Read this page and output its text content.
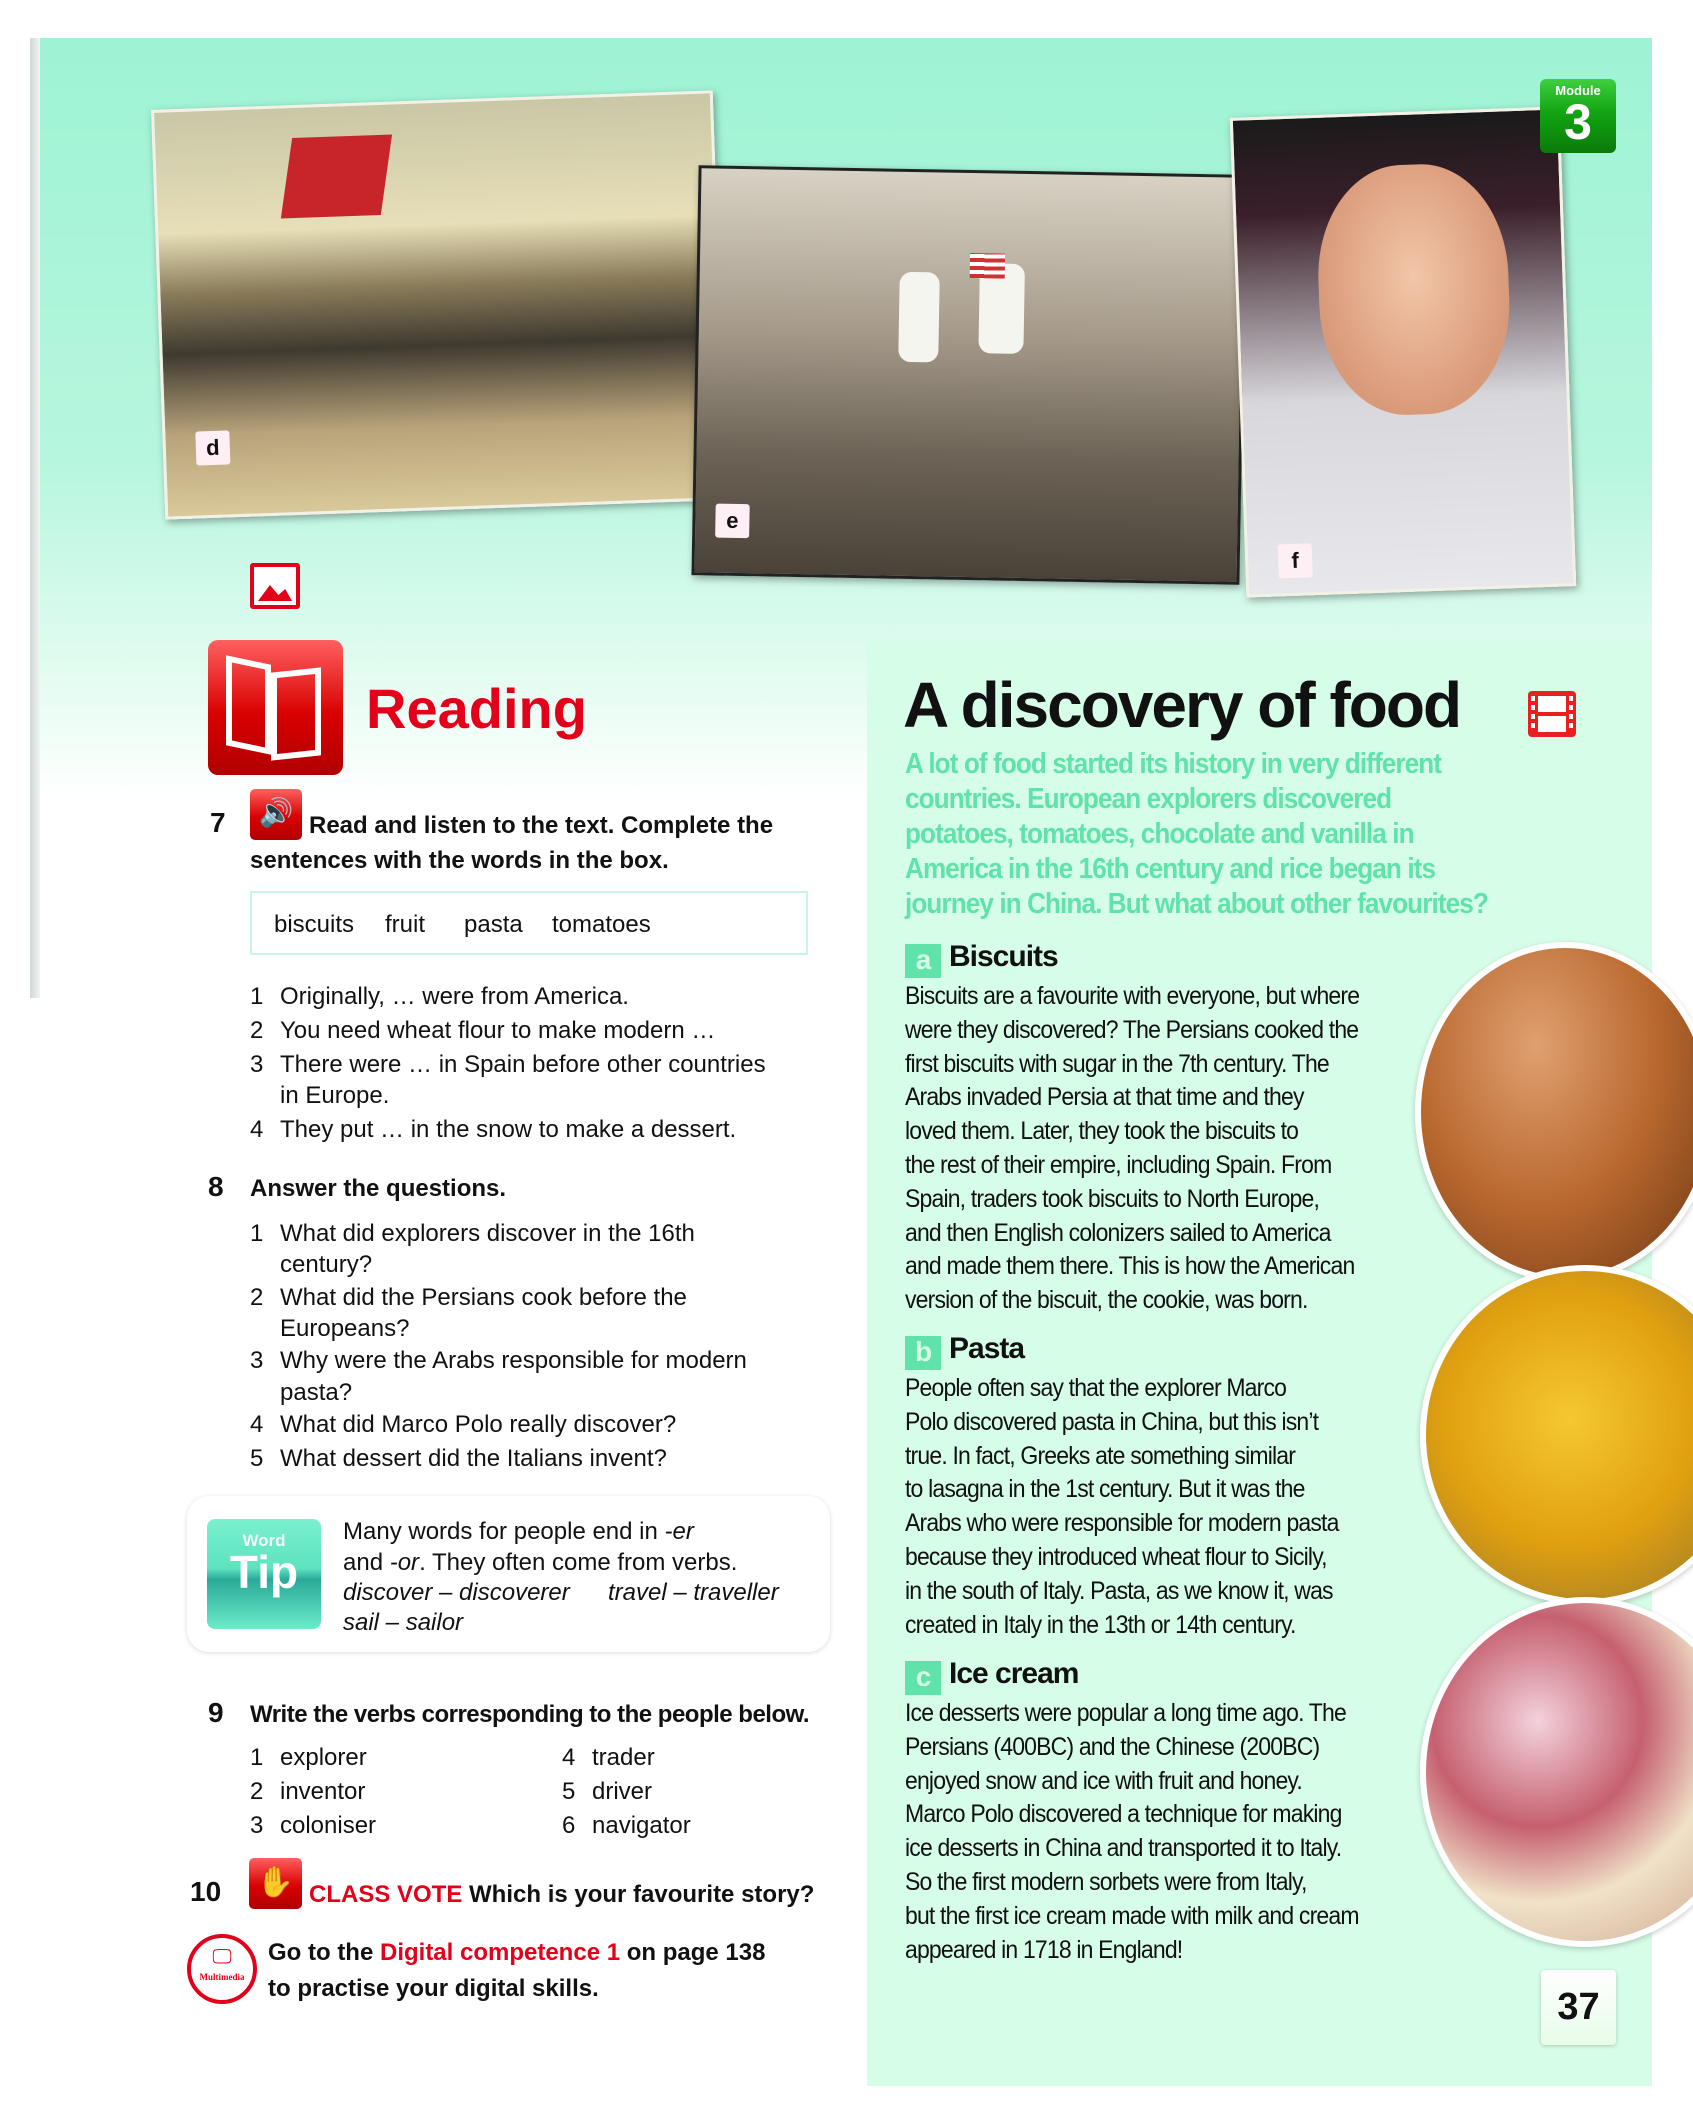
d
e
f
Module
3
Reading
7	🔊 Read and listen to the text. Complete the
sentences with the words in the box.
biscuits fruit pasta tomatoes
1 Originally, … were from America.
2 You need wheat flour to make modern …
3 There were … in Spain before other countries
in Europe.
4 They put … in the snow to make a dessert.
8 Answer the questions.
1 What did explorers discover in the 16th
century?
2 What did the Persians cook before the
Europeans?
3 Why were the Arabs responsible for modern
pasta?
4 What did Marco Polo really discover?
5 What dessert did the Italians invent?
Word
Tip
Many words for people end in -er
and -or. They often come from verbs.
discover – discoverer travel – traveller
sail – sailor
9 Write the verbs corresponding to the people below.
1 explorer
2 inventor
3 coloniser
4 trader
5 driver
6 navigator
10 ✋ CLASS VOTE Which is your favourite story?
🖵
Multimedia
Go to the Digital competence 1 on page 138
to practise your digital skills.
A discovery of food
A lot of food started its history in very different
countries. European explorers discovered
potatoes, tomatoes, chocolate and vanilla in
America in the 16th century and rice began its
journey in China. But what about other favourites?
a Biscuits
Biscuits are a favourite with everyone, but where
were they discovered? The Persians cooked the
first biscuits with sugar in the 7th century. The
Arabs invaded Persia at that time and they
loved them. Later, they took the biscuits to
the rest of their empire, including Spain. From
Spain, traders took biscuits to North Europe,
and then English colonizers sailed to America
and made them there. This is how the American
version of the biscuit, the cookie, was born.
b Pasta
People often say that the explorer Marco
Polo discovered pasta in China, but this isn’t
true. In fact, Greeks ate something similar
to lasagna in the 1st century. But it was the
Arabs who were responsible for modern pasta
because they introduced wheat flour to Sicily,
in the south of Italy. Pasta, as we know it, was
created in Italy in the 13th or 14th century.
c Ice cream
Ice desserts were popular a long time ago. The
Persians (400BC) and the Chinese (200BC)
enjoyed snow and ice with fruit and honey.
Marco Polo discovered a technique for making
ice desserts in China and transported it to Italy.
So the first modern sorbets were from Italy,
but the first ice cream made with milk and cream
appeared in 1718 in England!
37
